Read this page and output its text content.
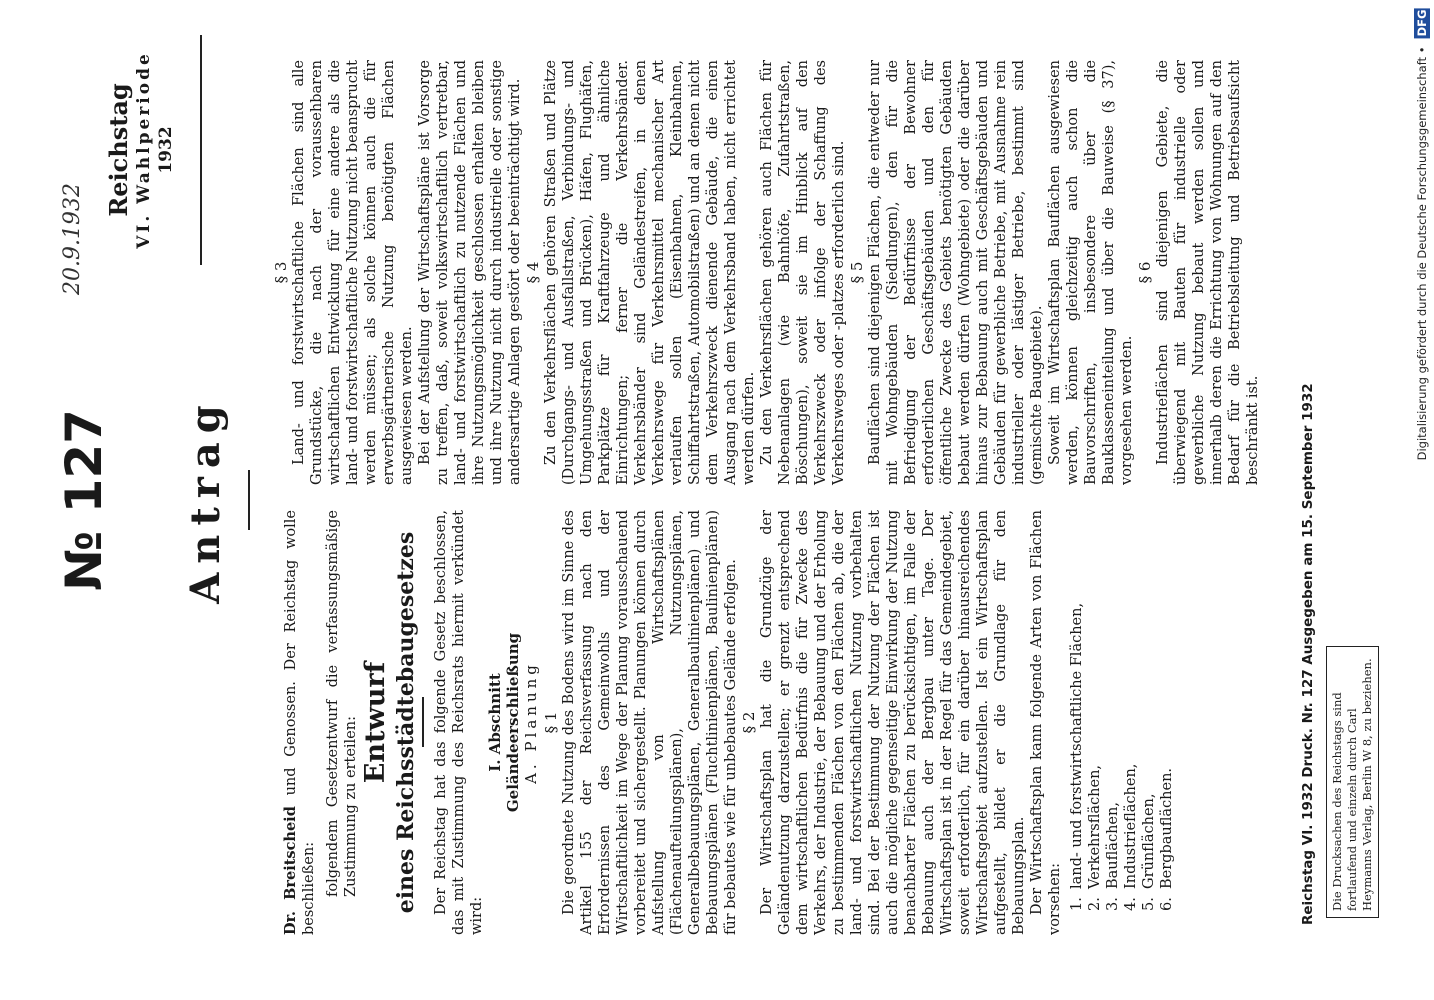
№ 127
20.9.1932
Reichstag VI. Wahlperiode 1932
Antrag

Dr. Breitscheid und Genossen. Der Reichstag wolle beschließen: folgendem Gesetzentwurf die verfassungsmäßige Zustimmung zu erteilen: Entwurf eines Reichsstädtebaugesetzes Der Reichstag hat das folgende Gesetz beschlossen, das mit Zustimmung des Reichsrats hiermit verkündet wird:

I. Abschnitt Geländeerschließung A. Planung § 1 Die geordnete Nutzung des Bodens wird im Sinne des Artikel 155 der Reichsverfassung nach den Erfordernissen des Gemeinwohls und der Wirtschaftlichkeit im Wege der Planung vorausschauend vorbereitet und sichergestellt. Planungen können durch Aufstellung von Wirtschaftsplänen (Flächenaufteilungsplänen), Nutzungsplänen, Generalbebauungsplänen, Generalbaulinienplänen) und Bebauungsplänen (Fluchtlinienplänen, Baulinienplänen) für bebautes wie für unbebautes Gelände erfolgen. § 2 Der Wirtschaftsplan hat die Grundzüge der Geländenutzung darzustellen; er grenzt entsprechend dem wirtschaftlichen Bedürfnis die für Zwecke des Verkehrs, der Industrie, der Bebauung und der Erholung zu bestimmenden Flächen von den Flächen ab, die der land- und forstwirtschaftlichen Nutzung vorbehalten sind. Bei der Bestimmung der Nutzung der Flächen ist auch die mögliche gegenseitige Einwirkung der Nutzung benachbarter Flächen zu berücksichtigen, im Falle der Bebauung auch der Bergbau unter Tage. Der Wirtschaftsplan ist in der Regel für das Gemeindegebiet, soweit erforderlich, für ein darüber hinausreichendes Wirtschaftsgebiet aufzustellen. Ist ein Wirtschaftsplan aufgestellt, bildet er die Grundlage für den Bebauungsplan. Der Wirtschaftsplan kann folgende Arten von Flächen vorsehen: 1.land- und forstwirtschaftliche Flächen,
2.Verkehrsflächen,
3.Bauflächen,
4.Industrieflächen,
5.Grünflächen,
6.Bergbauflächen.

§ 3 Land- und forstwirtschaftliche Flächen sind alle Grundstücke, die nach der voraussehbaren wirtschaftlichen Entwicklung für eine andere als die land- und forstwirtschaftliche Nutzung nicht beansprucht werden müssen; als solche können auch die für erwerbsgärtnerische Nutzung benötigten Flächen ausgewiesen werden. Bei der Aufstellung der Wirtschaftspläne ist Vorsorge zu treffen, daß, soweit volkswirtschaftlich vertretbar, land- und forstwirtschaftlich zu nutzende Flächen und ihre Nutzungsmöglichkeit geschlossen erhalten bleiben und ihre Nutzung nicht durch industrielle oder sonstige andersartige Anlagen gestört oder beeinträchtigt wird. § 4 Zu den Verkehrsflächen gehören Straßen und Plätze (Durchgangs- und Ausfallstraßen, Verbindungs- und Umgehungsstraßen und Brücken), Häfen, Flughäfen, Parkplätze für Kraftfahrzeuge und ähnliche Einrichtungen; ferner die Verkehrsbänder. Verkehrsbänder sind Geländestreifen, in denen Verkehrswege für Verkehrsmittel mechanischer Art verlaufen sollen (Eisenbahnen, Kleinbahnen, Schiffahrtstraßen, Automobilstraßen) und an denen nicht dem Verkehrszweck dienende Gebäude, die einen Ausgang nach dem Verkehrsband haben, nicht errichtet werden dürfen. Zu den Verkehrsflächen gehören auch Flächen für Nebenanlagen (wie Bahnhöfe, Zufahrtstraßen, Böschungen), soweit sie im Hinblick auf den Verkehrszweck oder infolge der Schaffung des Verkehrsweges oder -platzes erforderlich sind. § 5 Bauflächen sind diejenigen Flächen, die entweder nur mit Wohngebäuden (Siedlungen), den für die Befriedigung der Bedürfnisse der Bewohner erforderlichen Geschäftsgebäuden und den für öffentliche Zwecke des Gebiets benötigten Gebäuden bebaut werden dürfen (Wohngebiete) oder die darüber hinaus zur Bebauung auch mit Geschäftsgebäuden und Gebäuden für gewerbliche Betriebe, mit Ausnahme rein industrieller oder lästiger Betriebe, bestimmt sind (gemischte Baugebiete). Soweit im Wirtschaftsplan Bauflächen ausgewiesen werden, können gleichzeitig auch schon die Bauvorschriften, insbesondere über die Bauklasseneinteilung und über die Bauweise (§ 37), vorgesehen werden.

§ 6 Industrieflächen sind diejenigen Gebiete, die überwiegend mit Bauten für industrielle oder gewerbliche Nutzung bebaut werden sollen und innerhalb deren die Errichtung von Wohnungen auf den Bedarf für die Betriebsleitung und Betriebsaufsicht beschränkt ist.	Reichstag VI. 1932 Druck. Nr. 127 Ausgegeben am 15. September 1932	Die Drucksachen des Reichstags sind fortlaufend und einzeln durch Carl Heymanns Verlag, Berlin W 8, zu beziehen.
Digitalisierung gefördert durch die Deutsche Forschungsgemeinschaft • DFG
